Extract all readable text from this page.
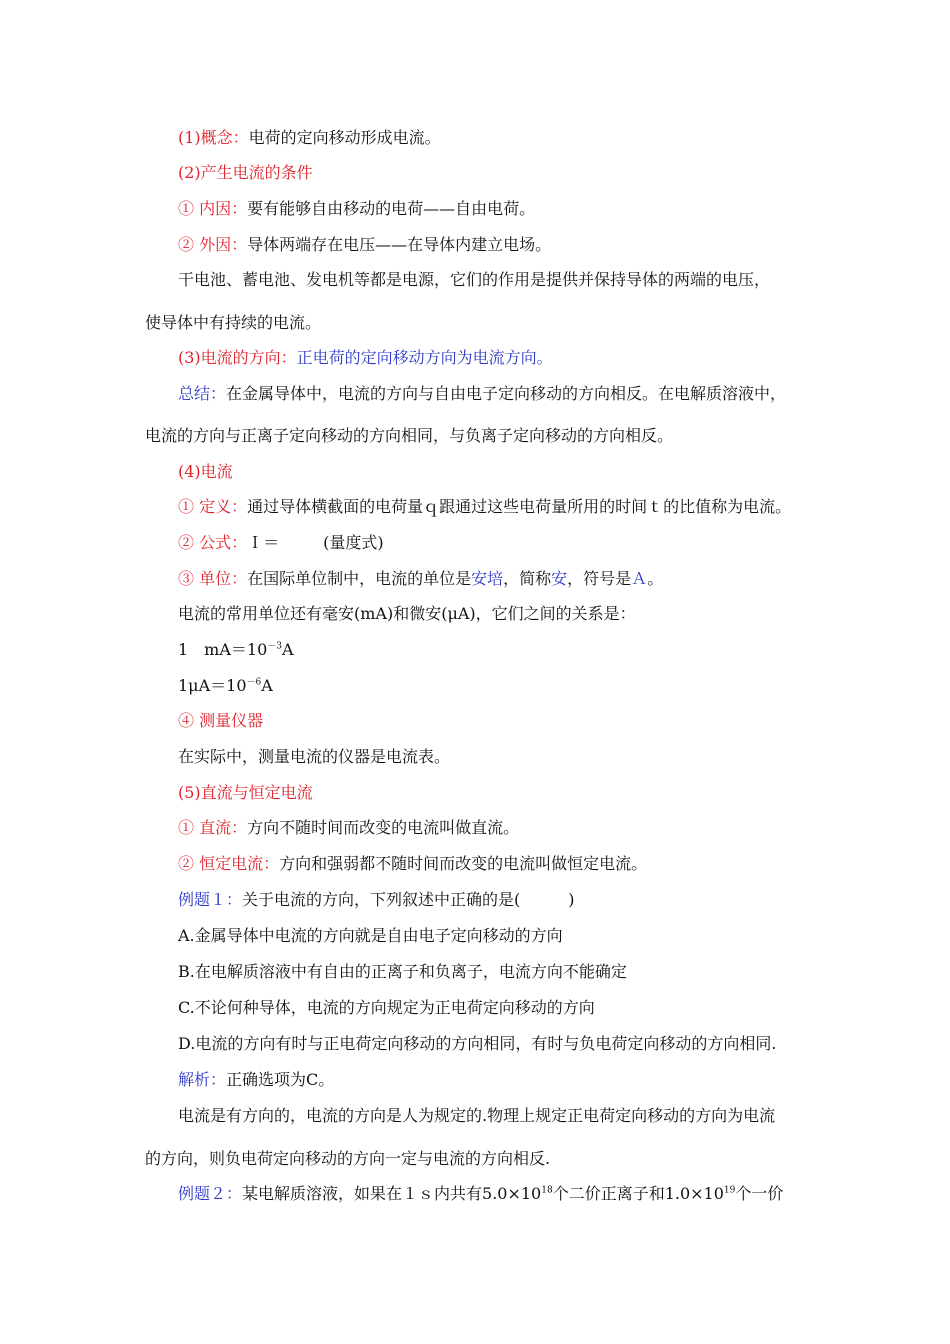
(1)概念：电荷的定向移动形成电流。
(2)产生电流的条件
① 内因：要有能够自由移动的电荷——自由电荷。
② 外因：导体两端存在电压——在导体内建立电场。
干电池、蓄电池、发电机等都是电源，它们的作用是提供并保持导体的两端的电压，
使导体中有持续的电流。
(3)电流的方向：正电荷的定向移动方向为电流方向。
总结：在金属导体中，电流的方向与自由电子定向移动的方向相反。在电解质溶液中，
电流的方向与正离子定向移动的方向相同，与负离子定向移动的方向相反。
(4)电流
① 定义：通过导体横截面的电荷量ｑ跟通过这些电荷量所用的时间ｔ的比值称为电流。
② 公式：Ｉ＝	(量度式)
③ 单位：在国际单位制中，电流的单位是安培，简称安，符号是Ａ。
电流的常用单位还有毫安(mA)和微安(μA)，它们之间的关系是：
1　$mA=10^{-3}A$
$1\mu A=10^{-6}A$
④ 测量仪器
在实际中，测量电流的仪器是电流表。
(5)直流与恒定电流
① 直流：方向不随时间而改变的电流叫做直流。
② 恒定电流：方向和强弱都不随时间而改变的电流叫做恒定电流。
例题１：关于电流的方向，下列叙述中正确的是(　　　)
A.金属导体中电流的方向就是自由电子定向移动的方向
B.在电解质溶液中有自由的正离子和负离子，电流方向不能确定
C.不论何种导体，电流的方向规定为正电荷定向移动的方向
D.电流的方向有时与正电荷定向移动的方向相同，有时与负电荷定向移动的方向相同.
解析：正确选项为C。
电流是有方向的，电流的方向是人为规定的.物理上规定正电荷定向移动的方向为电流
的方向，则负电荷定向移动的方向一定与电流的方向相反.
例题２：某电解质溶液，如果在１ｓ内共有$5.0\times 10^{18}$个二价正离子和$1.0\times 10^{19}$个一价
